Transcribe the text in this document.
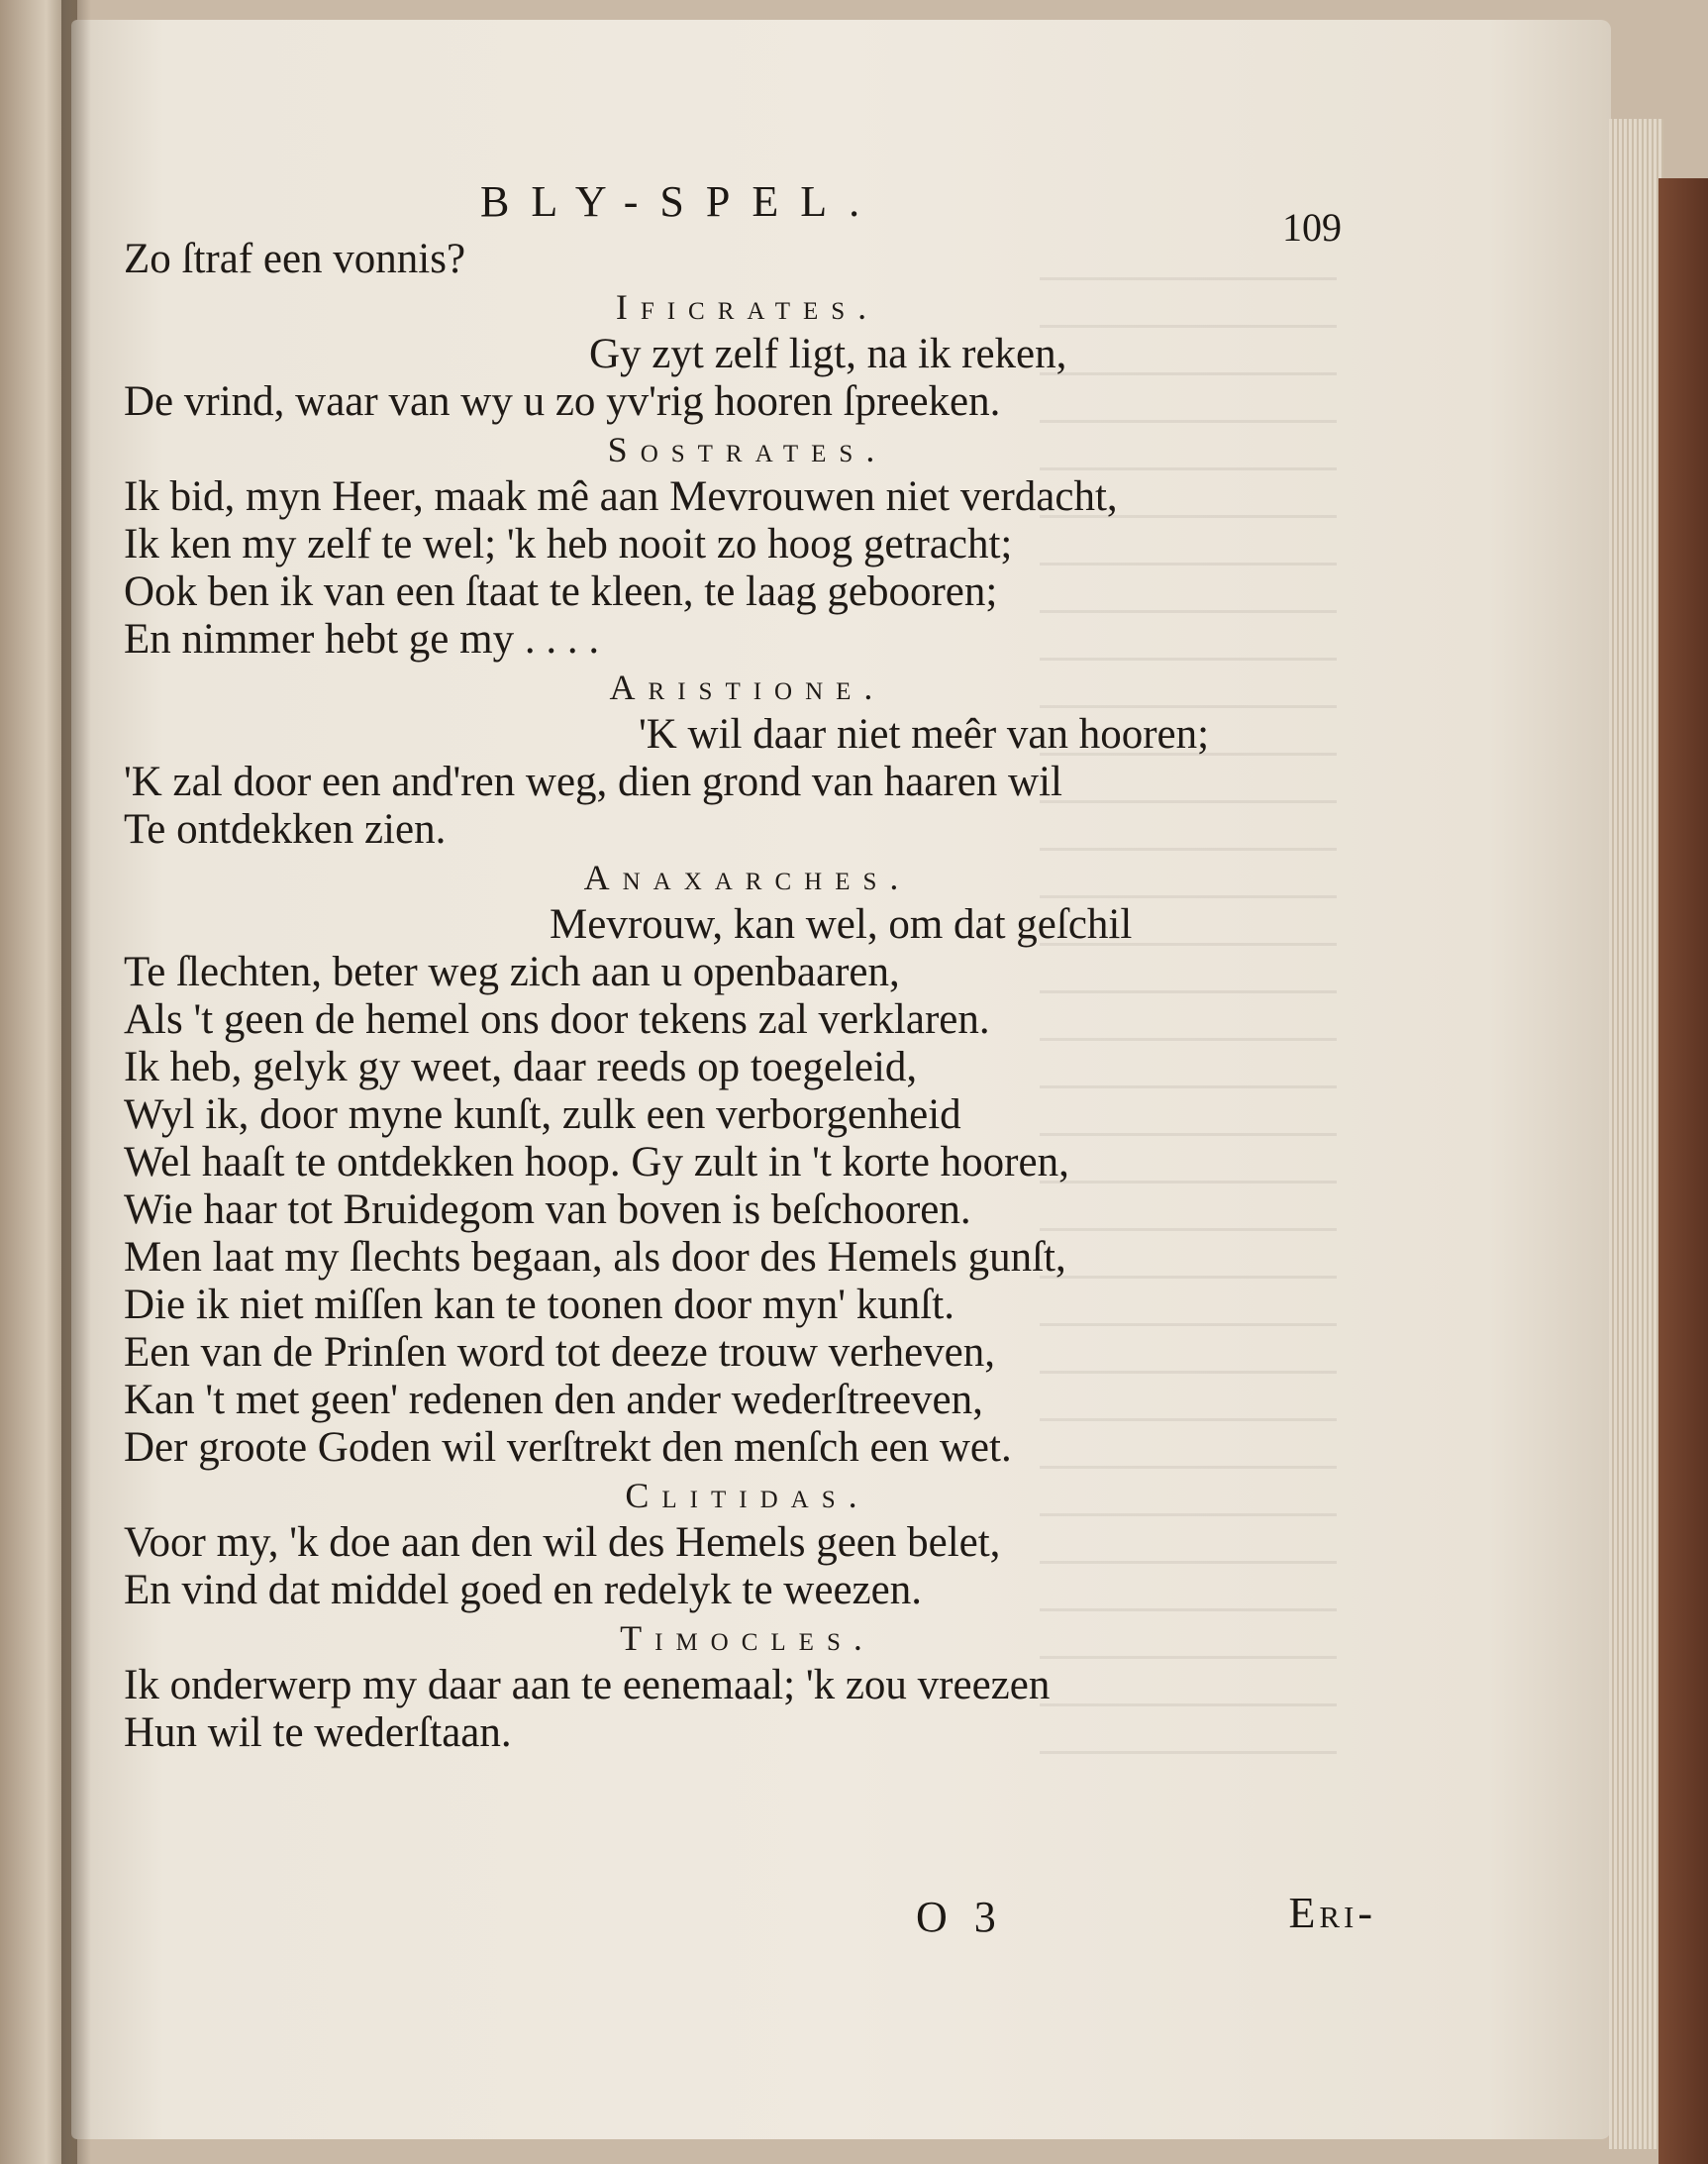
BLY-SPEL.
109
Zo ſtraf een vonnis?
Ificrates.
Gy zyt zelf ligt, na ik reken,
De vrind, waar van wy u zo yv'rig hooren ſpreeken.
Sostrates.
Ik bid, myn Heer, maak mê aan Mevrouwen niet verdacht,
Ik ken my zelf te wel; 'k heb nooit zo hoog getracht;
Ook ben ik van een ſtaat te kleen, te laag gebooren;
En nimmer hebt ge my . . . .
Aristione.
'K wil daar niet meêr van hooren;
'K zal door een and'ren weg, dien grond van haaren wil
Te ontdekken zien.
Anaxarches.
Mevrouw, kan wel, om dat geſchil
Te ſlechten, beter weg zich aan u openbaaren,
Als 't geen de hemel ons door tekens zal verklaren.
Ik heb, gelyk gy weet, daar reeds op toegeleid,
Wyl ik, door myne kunſt, zulk een verborgenheid
Wel haaſt te ontdekken hoop. Gy zult in 't korte hooren,
Wie haar tot Bruidegom van boven is beſchooren.
Men laat my ſlechts begaan, als door des Hemels gunſt,
Die ik niet miſſen kan te toonen door myn' kunſt.
Een van de Prinſen word tot deeze trouw verheven,
Kan 't met geen' redenen den ander wederſtreeven,
Der groote Goden wil verſtrekt den menſch een wet.
Clitidas.
Voor my, 'k doe aan den wil des Hemels geen belet,
En vind dat middel goed en redelyk te weezen.
Timocles.
Ik onderwerp my daar aan te eenemaal; 'k zou vreezen
Hun wil te wederſtaan.
O 3	Eri-
